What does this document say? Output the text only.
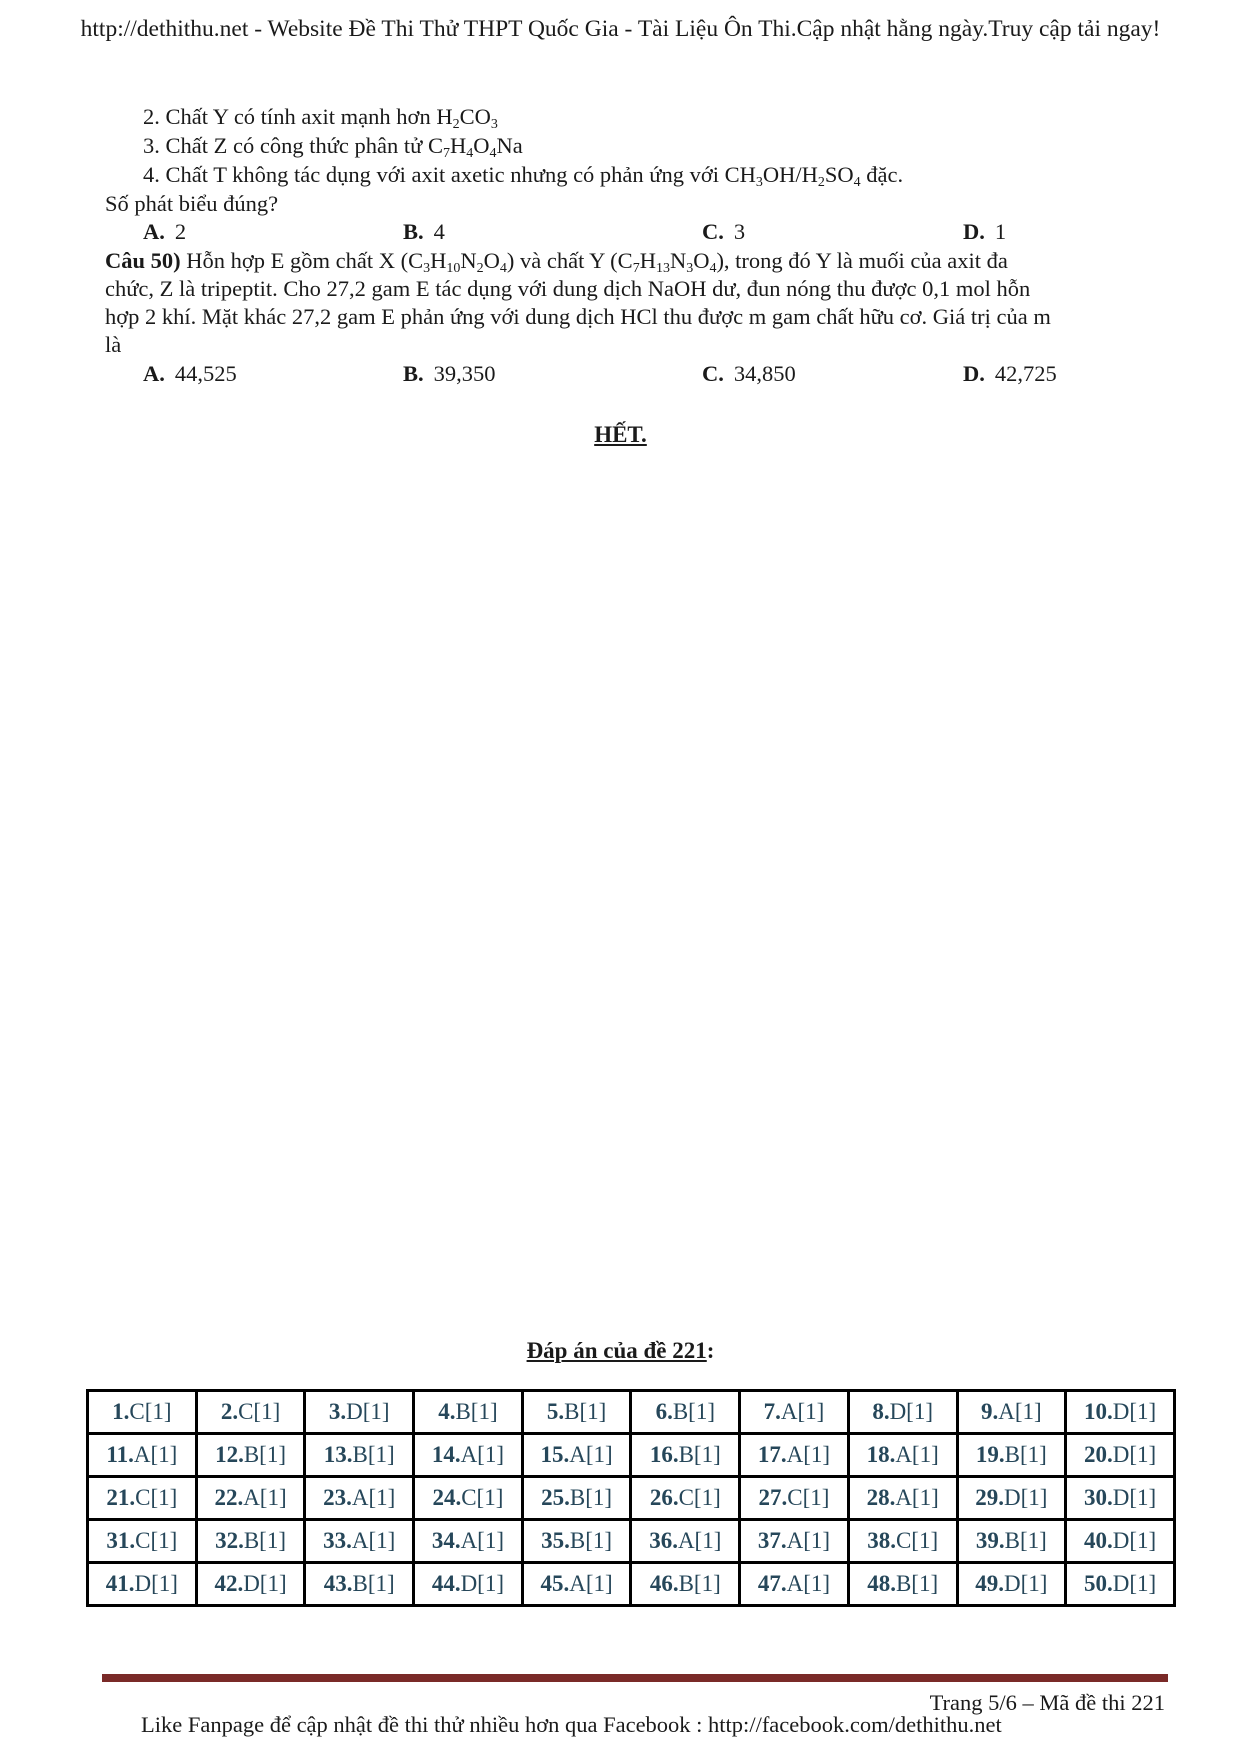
http://dethithu.net - Website Đề Thi Thử THPT Quốc Gia - Tài Liệu Ôn Thi.Cập nhật hằng ngày.Truy cập tải ngay!
2. Chất Y có tính axit mạnh hơn $H_2CO_3$
3. Chất Z có công thức phân tử $C_7H_4O_4Na$
4. Chất T không tác dụng với axit axetic nhưng có phản ứng với $CH_3OH/H_2SO_4$ đặc.
Số phát biểu đúng?
A. 2	B. 4	C. 3	D. 1
Câu 50) Hỗn hợp E gồm chất X $(C_3H_{10}N_2O_4)$ và chất Y $(C_7H_{13}N_3O_4)$, trong đó Y là muối của axit đa
chức, Z là tripeptit. Cho 27,2 gam E tác dụng với dung dịch NaOH dư, đun nóng thu được 0,1 mol hỗn
hợp 2 khí. Mặt khác 27,2 gam E phản ứng với dung dịch HCl thu được m gam chất hữu cơ. Giá trị của m
là
A. 44,525	B. 39,350	C. 34,850	D. 42,725
HẾT.
Đáp án của đề 221:
1.C[1]	2.C[1]	3.D[1]	4.B[1]	5.B[1]	6.B[1]	7.A[1]	8.D[1]	9.A[1]	10.D[1]
11.A[1]	12.B[1]	13.B[1]	14.A[1]	15.A[1]	16.B[1]	17.A[1]	18.A[1]	19.B[1]	20.D[1]
21.C[1]	22.A[1]	23.A[1]	24.C[1]	25.B[1]	26.C[1]	27.C[1]	28.A[1]	29.D[1]	30.D[1]
31.C[1]	32.B[1]	33.A[1]	34.A[1]	35.B[1]	36.A[1]	37.A[1]	38.C[1]	39.B[1]	40.D[1]
41.D[1]	42.D[1]	43.B[1]	44.D[1]	45.A[1]	46.B[1]	47.A[1]	48.B[1]	49.D[1]	50.D[1]
Trang 5/6 – Mã đề thi 221
Like Fanpage để cập nhật đề thi thử nhiều hơn qua Facebook : http://facebook.com/dethithu.net
